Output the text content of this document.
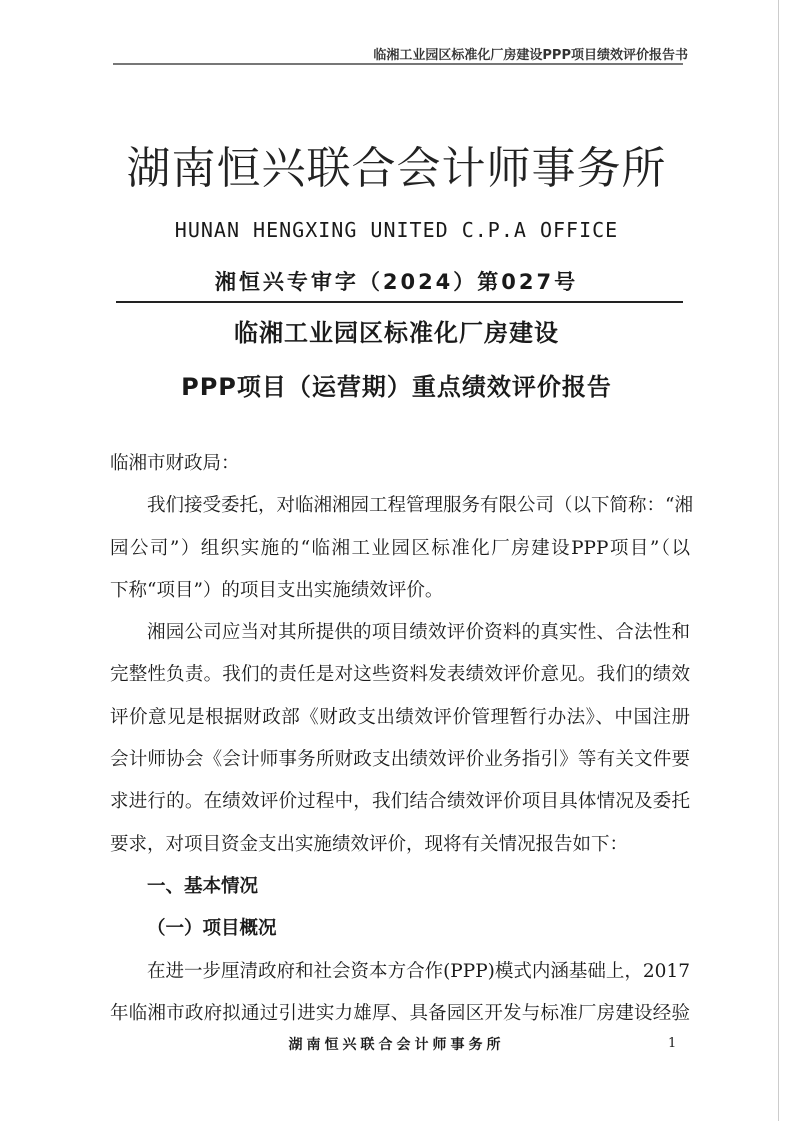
临湘工业园区标准化厂房建设PPP项目绩效评价报告书
湖南恒兴联合会计师事务所
HUNAN HENGXING UNITED C.P.A OFFICE
湘恒兴专审字（2024）第027号
临湘工业园区标准化厂房建设
PPP项目（运营期）重点绩效评价报告
临湘市财政局：
我们接受委托，对临湘湘园工程管理服务有限公司（以下简称：“湘
园公司”）组织实施的“临湘工业园区标准化厂房建设PPP项目”（以
下称“项目”）的项目支出实施绩效评价。
湘园公司应当对其所提供的项目绩效评价资料的真实性、合法性和
完整性负责。我们的责任是对这些资料发表绩效评价意见。我们的绩效
评价意见是根据财政部《财政支出绩效评价管理暂行办法》、中国注册
会计师协会《会计师事务所财政支出绩效评价业务指引》等有关文件要
求进行的。在绩效评价过程中，我们结合绩效评价项目具体情况及委托
要求，对项目资金支出实施绩效评价，现将有关情况报告如下：
一、基本情况
（一）项目概况
在进一步厘清政府和社会资本方合作(PPP)模式内涵基础上，2017
年临湘市政府拟通过引进实力雄厚、具备园区开发与标准厂房建设经验
湖南恒兴联合会计师事务所	1
